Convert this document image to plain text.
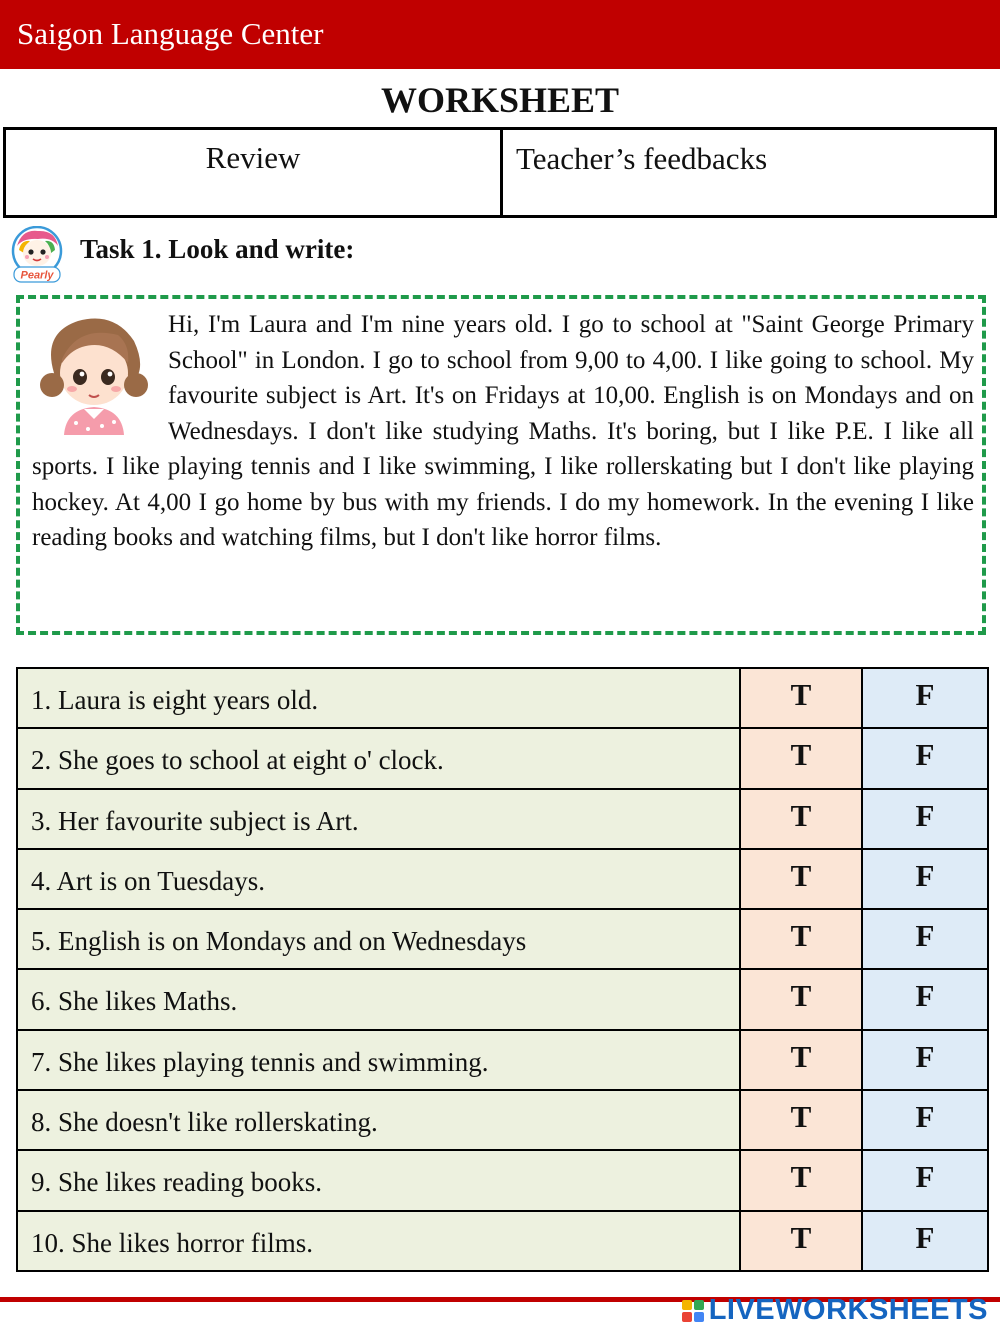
Saigon Language Center
WORKSHEET
Review	Teacher’s feedbacks
Pearly
Task 1. Look and write:
Hi, I'm Laura and I'm nine years old. I go to school at "Saint George Primary School" in London. I go to school from 9,00 to 4,00. I like going to school. My favourite subject is Art. It's on Fridays at 10,00. English is on Mondays and on Wednesdays. I don't like studying Maths. It's boring, but I like P.E. I like all sports. I like playing tennis and I like swimming, I like rollerskating but I don't like playing hockey. At 4,00 I go home by bus with my friends. I do my homework. In the evening I like reading books and watching films, but I don't like horror films.
1. Laura is eight years old.	T	F
2. She goes to school at eight o' clock.	T	F
3. Her favourite subject is Art.	T	F
4. Art is on Tuesdays.	T	F
5. English is on Mondays and on Wednesdays	T	F
6. She likes Maths.	T	F
7. She likes playing tennis and swimming.	T	F
8. She doesn't like rollerskating.	T	F
9. She likes reading books.	T	F
10. She likes horror films.	T	F
LIVEWORKSHEETS
